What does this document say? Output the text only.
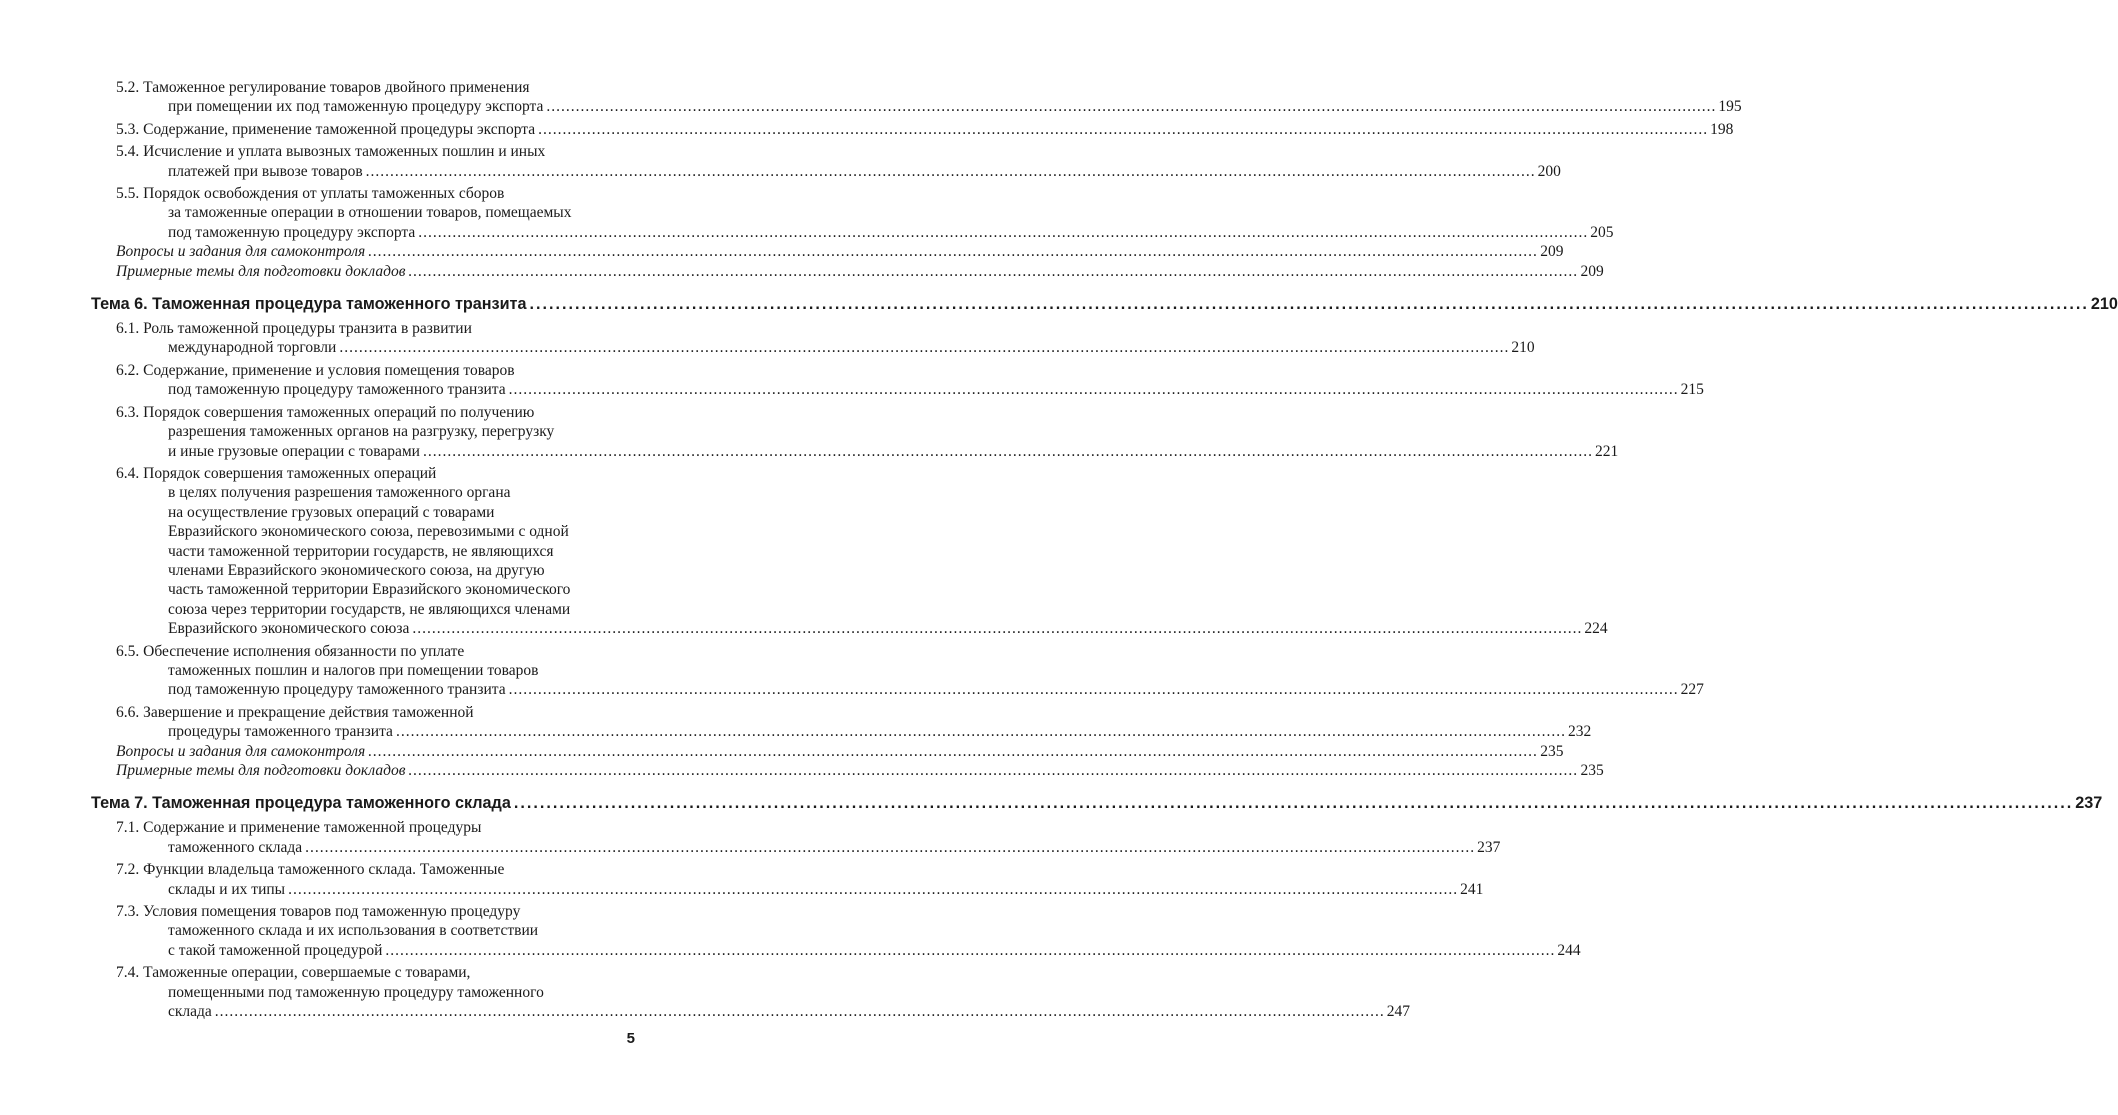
5.2. Таможенное регулирование товаров двойного применения
при помещении их под таможенную процедуру экспорта ................................................................................................................................................................................................................................................ 195
5.3. Содержание, применение таможенной процедуры экспорта ................................................................................................................................................................................................................................................ 198
5.4. Исчисление и уплата вывозных таможенных пошлин и иных
платежей при вывозе товаров ................................................................................................................................................................................................................................................ 200
5.5. Порядок освобождения от уплаты таможенных сборов
за таможенные операции в отношении товаров, помещаемых
под таможенную процедуру экспорта ................................................................................................................................................................................................................................................ 205
Вопросы и задания для самоконтроля ................................................................................................................................................................................................................................................ 209
Примерные темы для подготовки докладов ................................................................................................................................................................................................................................................ 209
Тема 6. Таможенная процедура таможенного транзита ................................................................................................................................................................................................................................................ 210
6.1. Роль таможенной процедуры транзита в развитии
международной торговли ................................................................................................................................................................................................................................................ 210
6.2. Содержание, применение и условия помещения товаров
под таможенную процедуру таможенного транзита ................................................................................................................................................................................................................................................ 215
6.3. Порядок совершения таможенных операций по получению
разрешения таможенных органов на разгрузку, перегрузку
и иные грузовые операции с товарами ................................................................................................................................................................................................................................................ 221
6.4. Порядок совершения таможенных операций
в целях получения разрешения таможенного органа
на осуществление грузовых операций с товарами
Евразийского экономического союза, перевозимыми с одной
части таможенной территории государств, не являющихся
членами Евразийского экономического союза, на другую
часть таможенной территории Евразийского экономического
союза через территории государств, не являющихся членами
Евразийского экономического союза ................................................................................................................................................................................................................................................ 224
6.5. Обеспечение исполнения обязанности по уплате
таможенных пошлин и налогов при помещении товаров
под таможенную процедуру таможенного транзита ................................................................................................................................................................................................................................................ 227
6.6. Завершение и прекращение действия таможенной
процедуры таможенного транзита ................................................................................................................................................................................................................................................ 232
Вопросы и задания для самоконтроля ................................................................................................................................................................................................................................................ 235
Примерные темы для подготовки докладов ................................................................................................................................................................................................................................................ 235
Тема 7. Таможенная процедура таможенного склада ................................................................................................................................................................................................................................................ 237
7.1. Содержание и применение таможенной процедуры
таможенного склада ................................................................................................................................................................................................................................................ 237
7.2. Функции владельца таможенного склада. Таможенные
склады и их типы ................................................................................................................................................................................................................................................ 241
7.3. Условия помещения товаров под таможенную процедуру
таможенного склада и их использования в соответствии
с такой таможенной процедурой ................................................................................................................................................................................................................................................ 244
7.4. Таможенные операции, совершаемые с товарами,
помещенными под таможенную процедуру таможенного
склада ................................................................................................................................................................................................................................................ 247
5
